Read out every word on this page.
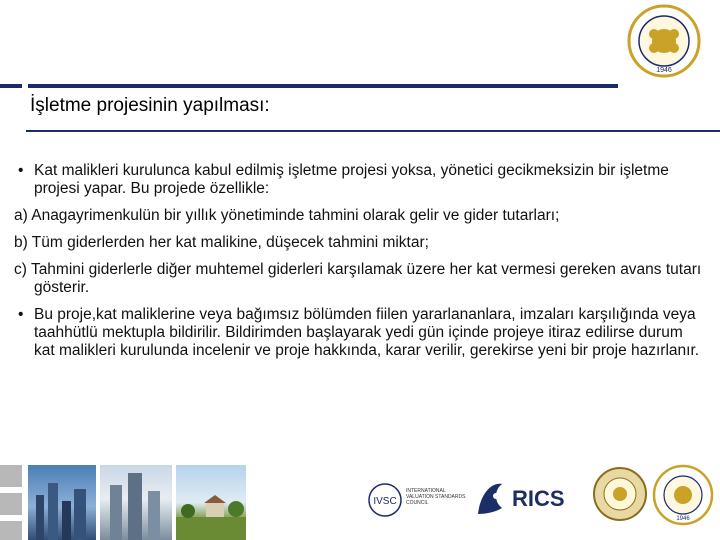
1946
İşletme projesinin yapılması:

• Kat malikleri kurulunca kabul edilmiş işletme projesi yoksa, yönetici gecikmeksizin bir işletme projesi yapar. Bu projede özellikle:

a) Anagayrimenkulün bir yıllık yönetiminde tahmini olarak gelir ve gider tutarları;

b) Tüm giderlerden her kat malikine, düşecek tahmini miktar;

c) Tahmini giderlerle diğer muhtemel giderleri karşılamak üzere her kat vermesi gereken avans tutarı gösterir.

• Bu proje,kat maliklerine veya bağımsız bölümden fiilen yararlananlara, imzaları karşılığında veya taahhütlü mektupla bildirilir. Bildirimden başlayarak yedi gün içinde projeye itiraz edilirse durum kat malikleri kurulunda incelenir ve proje hakkında, karar verilir, gerekirse yeni bir proje hazırlanır.

IVSC
INTERNATIONAL VALUATION STANDARDS COUNCIL	RICS
1946
